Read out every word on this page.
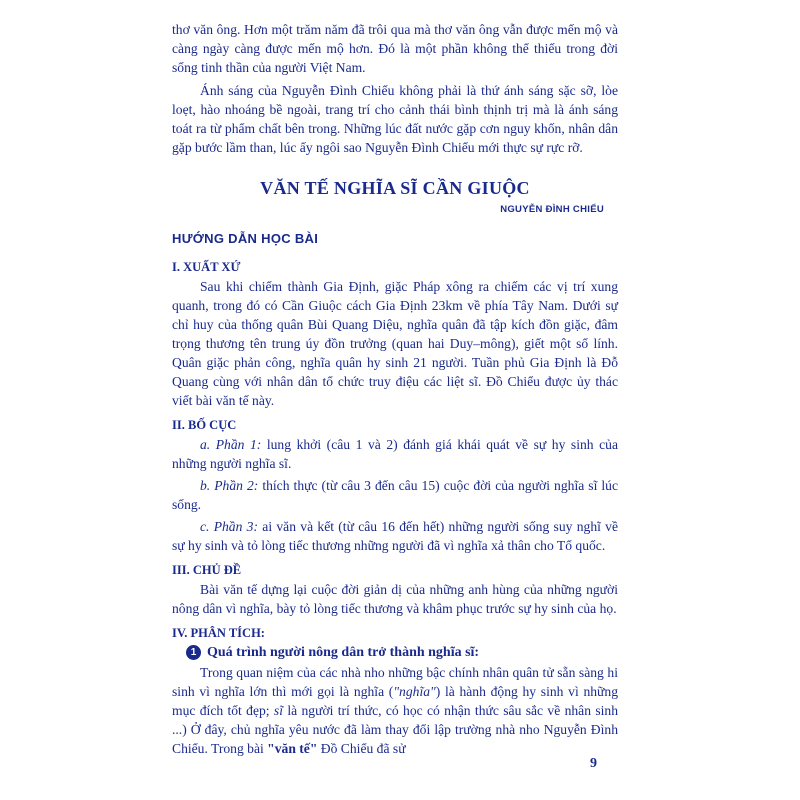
thơ văn ông. Hơn một trăm năm đã trôi qua mà thơ văn ông vẫn được mến mộ và càng ngày càng được mến mộ hơn. Đó là một phần không thể thiếu trong đời sống tinh thần của người Việt Nam.

Ánh sáng của Nguyễn Đình Chiểu không phải là thứ ánh sáng sặc sỡ, lòe loẹt, hào nhoáng bề ngoài, trang trí cho cảnh thái bình thịnh trị mà là ánh sáng toát ra từ phẩm chất bên trong. Những lúc đất nước gặp cơn nguy khốn, nhân dân gặp bước lầm than, lúc ấy ngôi sao Nguyễn Đình Chiểu mới thực sự rực rỡ.

VĂN TẾ NGHĨA SĨ CẦN GIUỘC
NGUYỄN ĐÌNH CHIỂU
HƯỚNG DẪN HỌC BÀI

I. XUẤT XỨ

Sau khi chiếm thành Gia Định, giặc Pháp xông ra chiếm các vị trí xung quanh, trong đó có Cần Giuộc cách Gia Định 23km về phía Tây Nam. Dưới sự chỉ huy của thống quân Bùi Quang Diệu, nghĩa quân đã tập kích đồn giặc, đâm trọng thương tên trung úy đồn trưởng (quan hai Duy–mông), giết một số lính. Quân giặc phản công, nghĩa quân hy sinh 21 người. Tuần phủ Gia Định là Đỗ Quang cùng với nhân dân tổ chức truy điệu các liệt sĩ. Đồ Chiểu được ủy thác viết bài văn tế này.

II. BỐ CỤC

a. Phần 1: lung khởi (câu 1 và 2) đánh giá khái quát về sự hy sinh của những người nghĩa sĩ.

b. Phần 2: thích thực (từ câu 3 đến câu 15) cuộc đời của người nghĩa sĩ lúc sống.

c. Phần 3: ai văn và kết (từ câu 16 đến hết) những người sống suy nghĩ về sự hy sinh và tỏ lòng tiếc thương những người đã vì nghĩa xả thân cho Tổ quốc.

III. CHỦ ĐỀ

Bài văn tế dựng lại cuộc đời giản dị của những anh hùng của những người nông dân vì nghĩa, bày tỏ lòng tiếc thương và khâm phục trước sự hy sinh của họ.

IV. PHÂN TÍCH:

1 Quá trình người nông dân trở thành nghĩa sĩ:

Trong quan niệm của các nhà nho những bậc chính nhân quân tử sẵn sàng hi sinh vì nghĩa lớn thì mới gọi là nghĩa ("nghĩa") là hành động hy sinh vì những mục đích tốt đẹp; sĩ là người trí thức, có học có nhận thức sâu sắc về nhân sinh ...) Ở đây, chủ nghĩa yêu nước đã làm thay đổi lập trường nhà nho Nguyễn Đình Chiểu. Trong bài "văn tế" Đồ Chiểu đã sử

9
